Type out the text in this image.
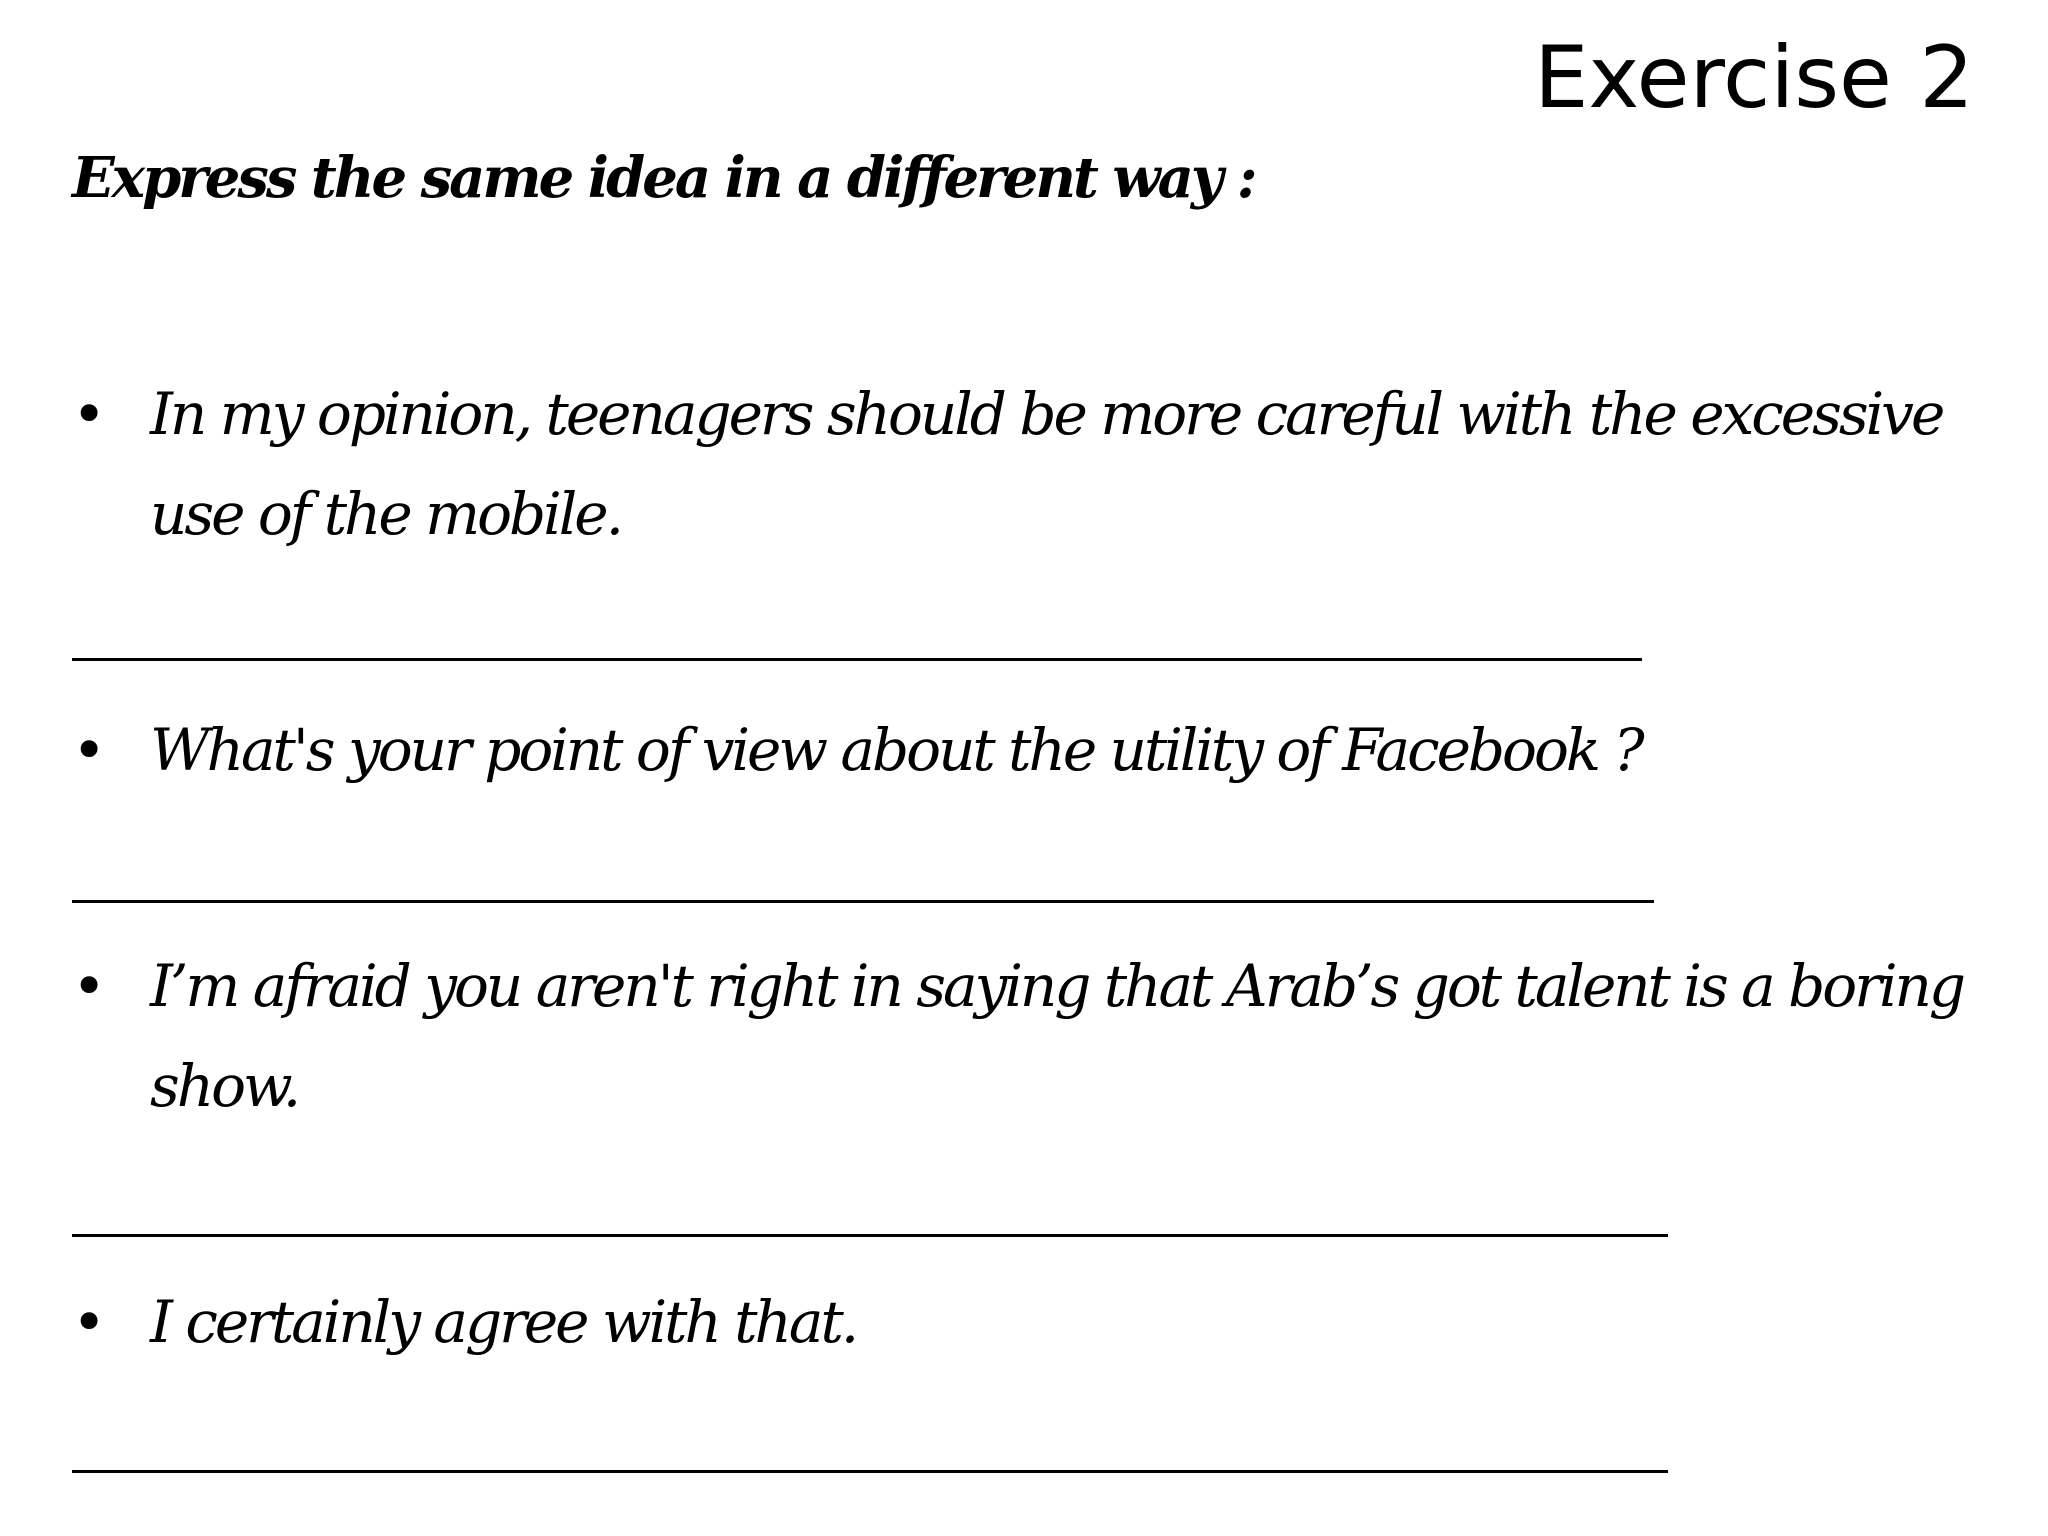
Exercise 2
Express the same idea in a different way :
• In my opinion, teenagers should be more careful with the excessive
use of the mobile.
• What's your point of view about the utility of Facebook ?
• I’m afraid you aren't right in saying that Arab’s got talent is a boring
show.
• I certainly agree with that.
